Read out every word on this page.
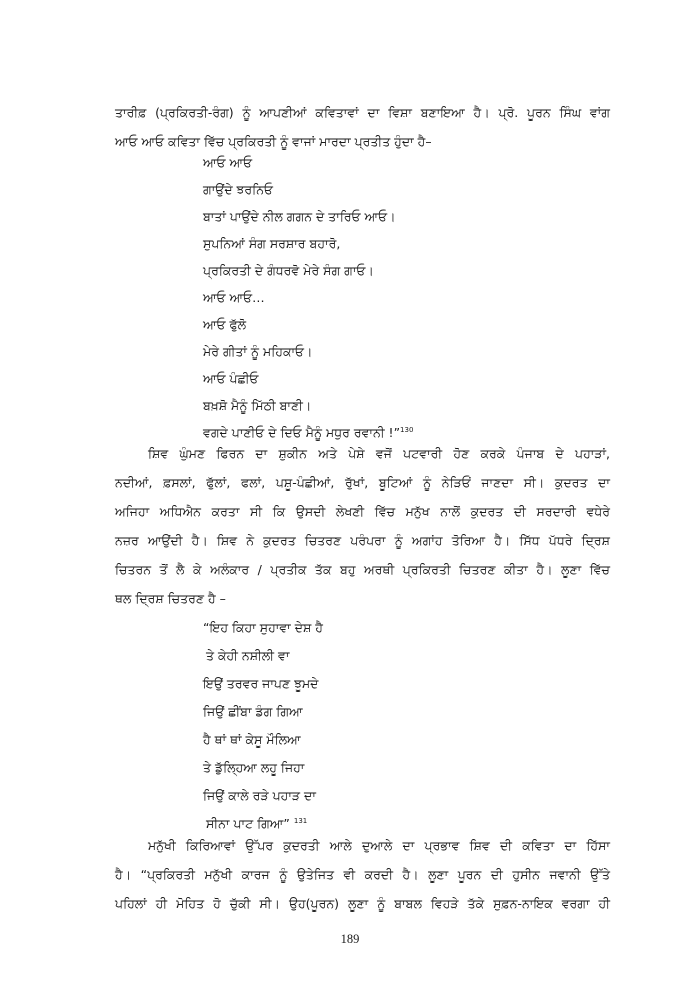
ਤਾਰੀਫ਼ (ਪ੍ਰਕਿਰਤੀ-ਰੰਗ) ਨੂੰ ਆਪਣੀਆਂ ਕਵਿਤਾਵਾਂ ਦਾ ਵਿਸ਼ਾ ਬਣਾਇਆ ਹੈ। ਪ੍ਰੋ. ਪੂਰਨ ਸਿੰਘ ਵਾਂਗ
ਆਓ ਆਓ ਕਵਿਤਾ ਵਿੱਚ ਪ੍ਰਕਿਰਤੀ ਨੂੰ ਵਾਜਾਂ ਮਾਰਦਾ ਪ੍ਰਤੀਤ ਹੁੰਦਾ ਹੈ–
ਆਓ ਆਓ
ਗਾਉਂਦੇ ਝਰਨਿਓ
ਬਾਤਾਂ ਪਾਉਂਦੇ ਨੀਲ ਗਗਨ ਦੇ ਤਾਰਿਓ ਆਓ।
ਸੁਪਨਿਆਂ ਸੰਗ ਸਰਸ਼ਾਰ ਬਹਾਰੋ,
ਪ੍ਰਕਿਰਤੀ ਦੇ ਗੰਧਰਵੋ ਮੇਰੇ ਸੰਗ ਗਾਓ।
ਆਓ ਆਓ…
ਆਓ ਫੁੱਲੋ
ਮੇਰੇ ਗੀਤਾਂ ਨੂੰ ਮਹਿਕਾਓ।
ਆਓ ਪੰਛੀਓ
ਬਖ਼ਸ਼ੋ ਮੈਨੂੰ ਮਿੱਠੀ ਬਾਣੀ।
ਵਗਦੇ ਪਾਣੀਓ ਦੇ ਦਿਓ ਮੈਨੂੰ ਮਧੁਰ ਰਵਾਨੀ !”$^{130}$
ਸ਼ਿਵ ਘੁੰਮਣ ਫਿਰਨ ਦਾ ਸ਼ੁਕੀਨ ਅਤੇ ਪੇਸ਼ੇ ਵਜੋਂ ਪਟਵਾਰੀ ਹੋਣ ਕਰਕੇ ਪੰਜਾਬ ਦੇ ਪਹਾੜਾਂ,
ਨਦੀਆਂ, ਫ਼ਸਲਾਂ, ਫੁੱਲਾਂ, ਫਲਾਂ, ਪਸ਼ੂ-ਪੰਛੀਆਂ, ਰੁੱਖਾਂ, ਬੂਟਿਆਂ ਨੂੰ ਨੇੜਿਓਂ ਜਾਣਦਾ ਸੀ। ਕੁਦਰਤ ਦਾ
ਅਜਿਹਾ ਅਧਿਐਨ ਕਰਤਾ ਸੀ ਕਿ ਉਸਦੀ ਲੇਖਣੀ ਵਿੱਚ ਮਨੁੱਖ ਨਾਲੋਂ ਕੁਦਰਤ ਦੀ ਸਰਦਾਰੀ ਵਧੇਰੇ
ਨਜ਼ਰ ਆਉਂਦੀ ਹੈ। ਸ਼ਿਵ ਨੇ ਕੁਦਰਤ ਚਿਤਰਣ ਪਰੰਪਰਾ ਨੂੰ ਅਗਾਂਹ ਤੋਰਿਆ ਹੈ। ਸਿੱਧ ਪੱਧਰੇ ਦ੍ਰਿਸ਼
ਚਿਤਰਨ ਤੋਂ ਲੈ ਕੇ ਅਲੰਕਾਰ / ਪ੍ਰਤੀਕ ਤੱਕ ਬਹੁ ਅਰਥੀ ਪ੍ਰਕਿਰਤੀ ਚਿਤਰਣ ਕੀਤਾ ਹੈ। ਲੂਣਾ ਵਿੱਚ
ਥਲ ਦ੍ਰਿਸ਼ ਚਿਤਰਣ ਹੈ –
“ਇਹ ਕਿਹਾ ਸੁਹਾਵਾ ਦੇਸ਼ ਹੈ
ਤੇ ਕੇਹੀ ਨਸ਼ੀਲੀ ਵਾ
ਇਉਂ ਤਰਵਰ ਜਾਪਣ ਝੂਮਦੇ
ਜਿਉਂ ਛੀਂਬਾ ਡੰਗ ਗਿਆ
ਹੈ ਥਾਂ ਥਾਂ ਕੇਸੂ ਮੌਲਿਆ
ਤੇ ਡੁੱਲ੍ਹਿਆ ਲਹੂ ਜਿਹਾ
ਜਿਉਂ ਕਾਲੇ ਰੜੇ ਪਹਾੜ ਦਾ
ਸੀਨਾ ਪਾਟ ਗਿਆ” $^{131}$
ਮਨੁੱਖੀ ਕਿਰਿਆਵਾਂ ਉੱਪਰ ਕੁਦਰਤੀ ਆਲੇ ਦੁਆਲੇ ਦਾ ਪ੍ਰਭਾਵ ਸ਼ਿਵ ਦੀ ਕਵਿਤਾ ਦਾ ਹਿੱਸਾ
189
ਹੈ। “ਪ੍ਰਕਿਰਤੀ ਮਨੁੱਖੀ ਕਾਰਜ ਨੂੰ ਉਤੇਜਿਤ ਵੀ ਕਰਦੀ ਹੈ। ਲੂਣਾ ਪੂਰਨ ਦੀ ਹੁਸੀਨ ਜਵਾਨੀ ਉੱਤੇ
ਪਹਿਲਾਂ ਹੀ ਮੋਹਿਤ ਹੋ ਚੁੱਕੀ ਸੀ। ਉਹ(ਪੂਰਨ) ਲੂਣਾ ਨੂੰ ਬਾਬਲ ਵਿਹੜੇ ਤੱਕੇ ਸੁਫ਼ਨ-ਨਾਇਕ ਵਰਗਾ ਹੀ
